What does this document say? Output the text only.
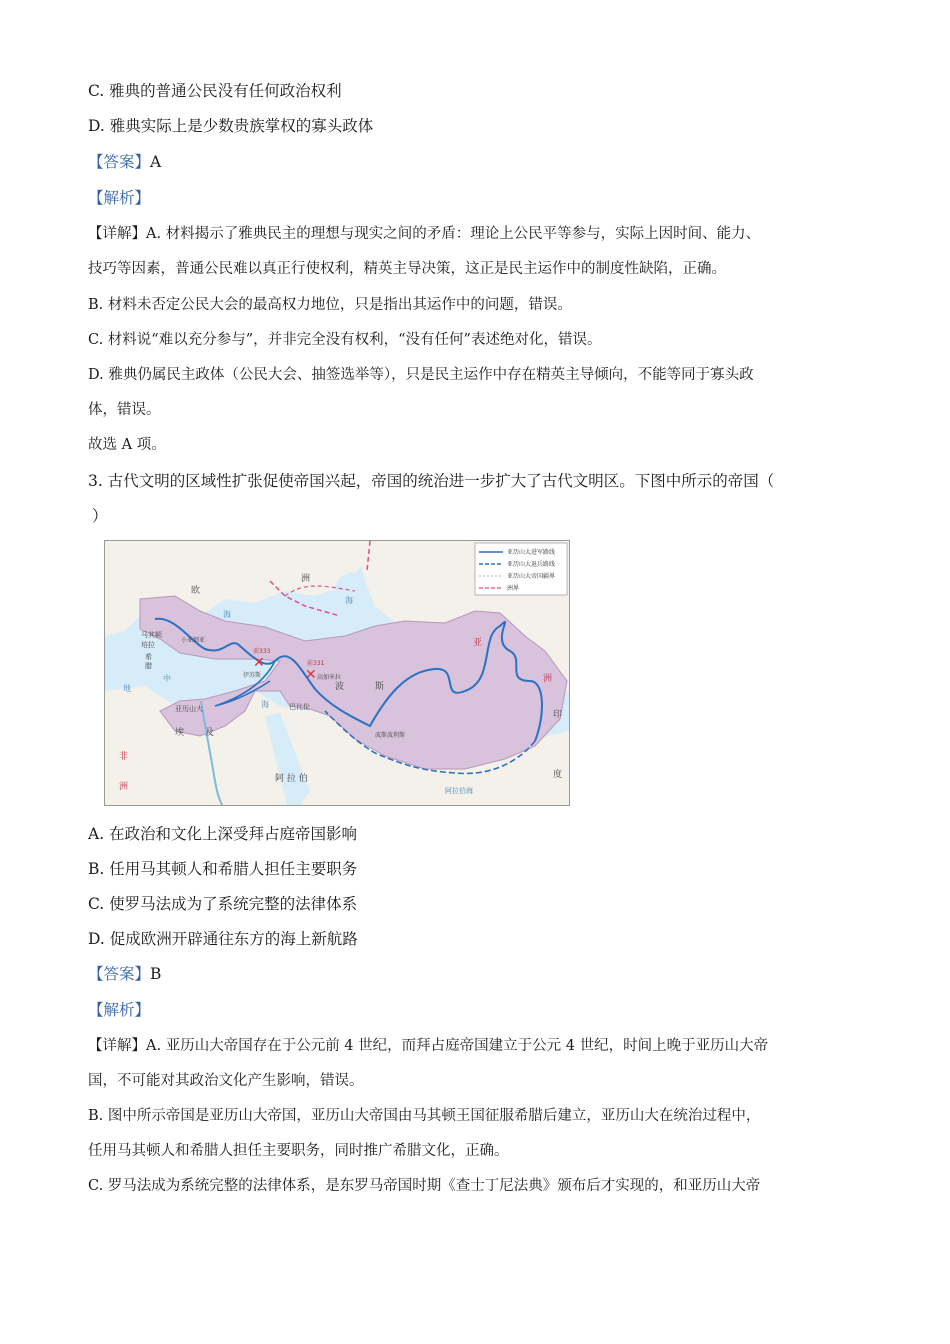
C. 雅典的普通公民没有任何政治权利
D. 雅典实际上是少数贵族掌权的寡头政体
【答案】A
【解析】
【详解】A. 材料揭示了雅典民主的理想与现实之间的矛盾：理论上公民平等参与，实际上因时间、能力、
技巧等因素，普通公民难以真正行使权利，精英主导决策，这正是民主运作中的制度性缺陷，正确。
B. 材料未否定公民大会的最高权力地位，只是指出其运作中的问题，错误。
C. 材料说“难以充分参与”，并非完全没有权利，“没有任何”表述绝对化，错误。
D. 雅典仍属民主政体（公民大会、抽签选举等），只是民主运作中存在精英主导倾向，不能等同于寡头政
体，错误。
故选 A 项。
3. 古代文明的区域性扩张促使帝国兴起，帝国的统治进一步扩大了古代文明区。下图中所示的帝国（
）
✕
✕
亚历山大进军路线
亚历山大退兵路线
亚历山大帝国疆界
洲界
欧
洲
亚
洲
非
洲
马其顿
培拉
希
腊
小亚细亚
海
海
海
地
中
前333
伊苏斯
前331
高加米拉
波	斯
巴比伦
波斯波利斯
亚历山大
埃 及
阿 拉 伯
印
度
阿拉伯海
A. 在政治和文化上深受拜占庭帝国影响
B. 任用马其顿人和希腊人担任主要职务
C. 使罗马法成为了系统完整的法律体系
D. 促成欧洲开辟通往东方的海上新航路
【答案】B
【解析】
【详解】A. 亚历山大帝国存在于公元前 4 世纪，而拜占庭帝国建立于公元 4 世纪，时间上晚于亚历山大帝
国，不可能对其政治文化产生影响，错误。
B. 图中所示帝国是亚历山大帝国，亚历山大帝国由马其顿王国征服希腊后建立，亚历山大在统治过程中，
任用马其顿人和希腊人担任主要职务，同时推广希腊文化，正确。
C. 罗马法成为系统完整的法律体系，是东罗马帝国时期《查士丁尼法典》颁布后才实现的，和亚历山大帝
